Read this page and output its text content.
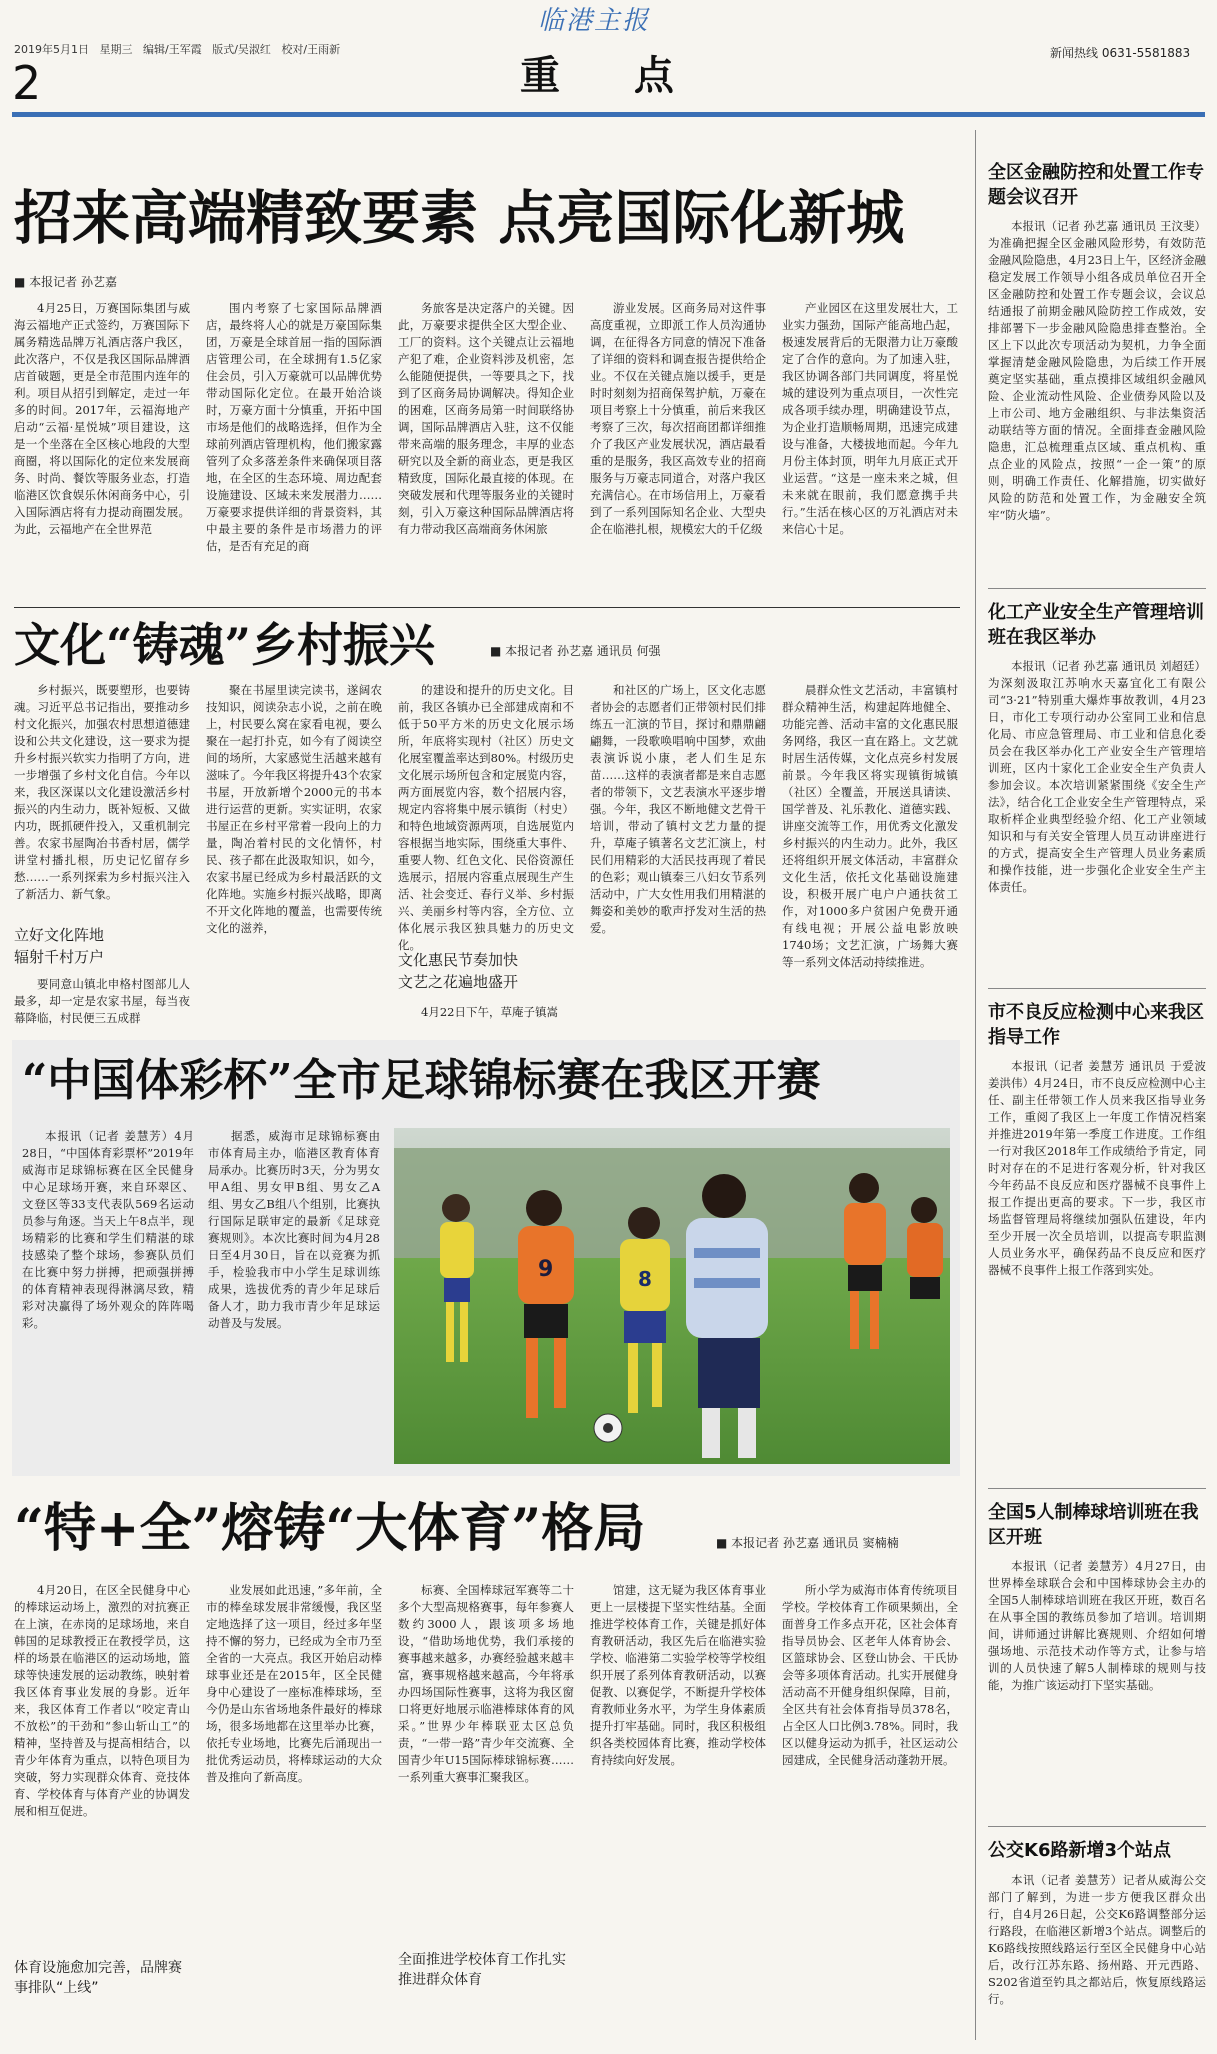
2019年5月1日 星期三 编辑/王军霞 版式/吴淑红 校对/王雨新
临港主报
2	重 点	新闻热线 0631-5581883
招来高端精致要素 点亮国际化新城
■ 本报记者 孙艺嘉

4月25日，万赛国际集团与威海云福地产正式签约，万赛国际下属务精选品牌万礼酒店落户我区，此次落户，不仅是我区国际品牌酒店首破题，更是全市范围内连年的利。项目从招引到解定，走过一年多的时间。2017年，云福海地产启动“云福·星悦城”项目建设，这是一个坐落在全区核心地段的大型商圈，将以国际化的定位来发展商务、时尚、餐饮等服务业态，打造临港区饮食娱乐休闲商务中心，引入国际酒店将有力提动商圈发展。为此，云福地产在全世界范

围内考察了七家国际品牌酒店，最终将人心的就是万豪国际集团，万豪是全球首屈一指的国际酒店管理公司，在全球拥有1.5亿家住会员，引入万豪就可以品牌优势带动国际化定位。在最开始洽谈时，万豪方面十分慎重，开拓中国市场是他们的战略选择，但作为全球前列酒店管理机构，他们搬家露管列了众多落差条件来确保项目落地，在全区的生态环境、周边配套设施建设、区域未来发展潜力……万豪要求提供详细的背景资料，其中最主要的条件是市场潜力的评估，是否有充足的商

务旅客是决定落户的关键。因此，万豪要求提供全区大型企业、工厂的资料。这个关键点让云福地产犯了难，企业资料涉及机密，怎么能随便提供，一等要具之下，找到了区商务局协调解决。得知企业的困难，区商务局第一时间联络协调，国际品牌酒店入驻，这不仅能带来高端的服务理念，丰厚的业态研究以及全新的商业态，更是我区精致度，国际化最直接的体现。在突破发展和代理等服务业的关键时刻，引入万豪这种国际品牌酒店将有力带动我区高端商务休闲旅

游业发展。区商务局对这件事高度重视，立即派工作人员沟通协调，在征得各方同意的情况下准备了详细的资料和调查报告提供给企业。不仅在关键点施以援手，更是时时刻刻为招商保驾护航，万豪在项目考察上十分慎重，前后来我区考察了三次，每次招商团都详细推介了我区产业发展状况，酒店最看重的是服务，我区高效专业的招商服务与万豪志同道合，对落户我区充满信心。在市场信用上，万豪看到了一系列国际知名企业、大型央企在临港扎根，规模宏大的千亿级

产业园区在这里发展壮大，工业实力强劲，国际产能高地凸起，极速发展背后的无限潜力让万豪酸定了合作的意向。为了加速入驻，我区协调各部门共同调度，将星悦城的建设列为重点项目，一次性完成各项手续办理，明确建设节点，为企业打造顺畅周期，迅速完成建设与准备，大楼拔地而起。今年九月份主体封顶，明年九月底正式开业运营。“这是一座未来之城，但未来就在眼前，我们愿意携手共行。”生活在核心区的万礼酒店对未来信心十足。

文化“铸魂”乡村振兴	■ 本报记者 孙艺嘉 通讯员 何强

乡村振兴，既要塑形，也要铸魂。习近平总书记指出，要推动乡村文化振兴，加强农村思想道德建设和公共文化建设，这一要求为提升乡村振兴软实力指明了方向，进一步增强了乡村文化自信。今年以来，我区深谋以文化建设激活乡村振兴的内生动力，既补短板、又做内功，既抓硬件投入，又重机制完善。农家书屋陶冶书香村居，儒学讲堂村播扎根，历史记忆留存乡愁……一系列探索为乡村振兴注入了新活力、新气象。

立好文化阵地
辐射千村万户

要同意山镇北申格村图部儿人最多，却一定是农家书屋，每当夜幕降临，村民便三五成群

聚在书屋里读完读书，遂阔农技知识，阅读杂志小说，之前在晚上，村民要么窝在家看电视，要么聚在一起打扑克，如今有了阅读空间的场所，大家感觉生活越来越有滋味了。今年我区将提升43个农家书屋，开放新增个2000元的书本进行运营的更新。实实证明，农家书屋正在乡村平常着一段向上的力量，陶冶着村民的文化情怀，村民、孩子都在此汲取知识，如今，农家书屋已经成为乡村最活跃的文化阵地。实施乡村振兴战略，即离不开文化阵地的覆盖，也需要传统文化的滋养，

的建设和提升的历史文化。目前，我区各镇办已全部建成南和不低于50平方米的历史文化展示场所，年底将实现村（社区）历史文化展室覆盖率达到80%。村级历史文化展示场所包含和定展览内容，两方面展览内容，数个招展内容，规定内容将集中展示镇街（村史）和特色地域资源两项，自选展览内容根据当地实际，围绕重大事件、重要人物、红色文化、民俗资源任选展示，招展内容重点展现生产生活、社会变迁、春行义举、乡村振兴、美丽乡村等内容，全方位、立体化展示我区独具魅力的历史文化。

文化惠民节奏加快
文艺之花遍地盛开

4月22日下午，草庵子镇嵩

和社区的广场上，区文化志愿者协会的志愿者们正带领村民们排练五一汇演的节目，探讨和鼎鼎翩翩舞，一段歌唤唱响中国梦，欢曲表演诉说小康，老人们生足东苗……这样的表演者都是来自志愿者的带领下，文艺表演水平逐步增强。今年，我区不断地健文艺骨干培训，带动了镇村文艺力量的提升，草庵子镇著名文艺汇演上，村民们用精彩的大活民技再现了着民的色彩；观山镇秦三八妇女节系列活动中，广大女性用我们用精湛的舞姿和美妙的歌声抒发对生活的热爱。

晨群众性文艺活动，丰富镇村群众精神生活，构建起阵地健全、功能完善、活动丰富的文化惠民服务网络，我区一直在路上。文艺就时居生活传媒，文化点亮乡村发展前景。今年我区将实现镇街城镇（社区）全覆盖，开展送具请读、国学普及、礼乐教化、道德实践、讲座交流等工作，用优秀文化激发乡村振兴的内生动力。此外，我区还将组织开展文体活动，丰富群众文化生活，依托文化基础设施建设，积极开展广电户户通扶贫工作，对1000多户贫困户免费开通有线电视；开展公益电影放映1740场；文艺汇演，广场舞大赛等一系列文体活动持续推进。

“中国体彩杯”全市足球锦标赛在我区开赛

本报讯（记者 姜慧芳）4月28日，“中国体育彩票杯”2019年威海市足球锦标赛在区全民健身中心足球场开赛，来自环翠区、文登区等33支代表队569名运动员参与角逐。当天上午8点半，现场精彩的比赛和学生们精湛的球技感染了整个球场，参赛队员们在比赛中努力拼搏，把顽强拼搏的体育精神表现得淋漓尽致，精彩对决赢得了场外观众的阵阵喝彩。

据悉，威海市足球锦标赛由市体育局主办，临港区教育体育局承办。比赛历时3天，分为男女甲A组、男女甲B组、男女乙A组、男女乙B组八个组别，比赛执行国际足联审定的最新《足球竞赛规则》。本次比赛时间为4月28日至4月30日，旨在以竞赛为抓手，检验我市中小学生足球训练成果，选拔优秀的青少年足球后备人才，助力我市青少年足球运动普及与发展。

9	8
“特+全”熔铸“大体育”格局	■ 本报记者 孙艺嘉 通讯员 窦楠楠

4月20日，在区全民健身中心的棒球运动场上，激烈的对抗赛正在上演，在赤岗的足球场地，来自韩国的足球教授正在教授学员，这样的场景在临港区的运动场地，篮球等快速发展的运动教练，映射着我区体育事业发展的身影。近年来，我区体育工作者以“咬定青山不放松”的干劲和“参山斩山工”的精神，坚持普及与提高相结合，以青少年体育为重点，以特色项目为突破，努力实现群众体育、竞技体育、学校体育与体育产业的协调发展和相互促进。

体育设施愈加完善，品牌赛事排队“上线”

业发展如此迅速，”多年前，全市的棒垒球发展非常缓慢，我区坚定地选择了这一项目，经过多年坚持不懈的努力，已经成为全市乃至全省的一大亮点。我区开始启动棒球事业还是在2015年，区全民健身中心建设了一座标准棒球场，至今仍是山东省场地条件最好的棒球场，很多场地都在这里举办比赛，依托专业场地，比赛先后涌现出一批优秀运动员，将棒球运动的大众普及推向了新高度。

标赛、全国棒球冠军赛等二十多个大型高规格赛事，每年参赛人数约3000人，跟该项多场地设，“借助场地优势，我们承接的赛事越来越多，办赛经验越来越丰富，赛事规格越来越高，今年将承办四场国际性赛事，这将为我区窗口将更好地展示临港棒球体育的风采。”世界少年棒联亚太区总负责，“一带一路”青少年交流赛、全国青少年U15国际棒球锦标赛……一系列重大赛事汇聚我区。

全面推进学校体育工作扎实推进群众体育

馆建，这无疑为我区体育事业更上一层楼提下坚实性结基。全面推进学校体育工作，关键是抓好体育教研活动，我区先后在临港实验学校、临港第二实验学校等学校组织开展了系列体育教研活动，以赛促教、以赛促学，不断提升学校体育教师业务水平，为学生身体素质提升打牢基础。同时，我区积极组织各类校园体育比赛，推动学校体育持续向好发展。

所小学为威海市体育传统项目学校。学校体育工作硕果频出，全面普身工作多点开花，区社会体育指导员协会、区老年人体育协会、区篮球协会、区登山协会、干氏协会等多项体育活动。扎实开展健身活动高不开健身组织保障，目前，全区共有社会体育指导员378名，占全区人口比例3.78%。同时，我区以健身运动为抓手，社区运动公园建成，全民健身活动蓬勃开展。

全区金融防控和处置工作专题会议召开

本报讯（记者 孙艺嘉 通讯员 王汶斐）为准确把握全区金融风险形势，有效防范金融风险隐患，4月23日上午，区经济金融稳定发展工作领导小组各成员单位召开全区金融防控和处置工作专题会议，会议总结通报了前期金融风险防控工作成效，安排部署下一步金融风险隐患排查整治。全区上下以此次专项活动为契机，力争全面掌握清楚金融风险隐患，为后续工作开展奠定坚实基础，重点摸排区域组织金融风险、企业流动性风险、企业债券风险以及上市公司、地方金融组织、与非法集资活动联结等方面的情况。全面排查金融风险隐患，汇总梳理重点区域、重点机构、重点企业的风险点，按照“一企一策”的原则，明确工作责任、化解措施，切实做好风险的防范和处置工作，为金融安全筑牢“防火墙”。

化工产业安全生产管理培训班在我区举办

本报讯（记者 孙艺嘉 通讯员 刘超廷）为深刻汲取江苏响水天嘉宜化工有限公司“3·21”特别重大爆炸事故教训，4月23日，市化工专项行动办公室同工业和信息化局、市应急管理局、市工业和信息化委员会在我区举办化工产业安全生产管理培训班，区内十家化工企业安全生产负责人参加会议。本次培训紧紧围绕《安全生产法》，结合化工企业安全生产管理特点，采取析样企业典型经验介绍、化工产业领域知识和与有关安全管理人员互动讲座进行的方式，提高安全生产管理人员业务素质和操作技能，进一步强化企业安全生产主体责任。

市不良反应检测中心来我区指导工作

本报讯（记者 姜慧芳 通讯员 于爱波 姜洪伟）4月24日，市不良反应检测中心主任、副主任带领工作人员来我区指导业务工作，重阅了我区上一年度工作情况档案并推进2019年第一季度工作进度。工作组一行对我区2018年工作成绩给予肯定，同时对存在的不足进行客观分析，针对我区今年药品不良反应和医疗器械不良事件上报工作提出更高的要求。下一步，我区市场监督管理局将继续加强队伍建设，年内至少开展一次全员培训，以提高专职监测人员业务水平，确保药品不良反应和医疗器械不良事件上报工作落到实处。

全国5人制棒球培训班在我区开班

本报讯（记者 姜慧芳）4月27日，由世界棒垒球联合会和中国棒球协会主办的全国5人制棒球培训班在我区开班，数百名在从事全国的教练员参加了培训。培训期间，讲师通过讲解比赛规则、介绍如何增强场地、示范技术动作等方式，让参与培训的人员快速了解5人制棒球的规则与技能，为推广该运动打下坚实基础。

公交K6路新增3个站点

本讯（记者 姜慧芳）记者从威海公交部门了解到，为进一步方便我区群众出行，自4月26日起，公交K6路调整部分运行路段，在临港区新增3个站点。调整后的K6路线按照线路运行至区全民健身中心站后，改行江苏东路、扬州路、开元西路、S202省道至钓具之都站后，恢复原线路运行。
